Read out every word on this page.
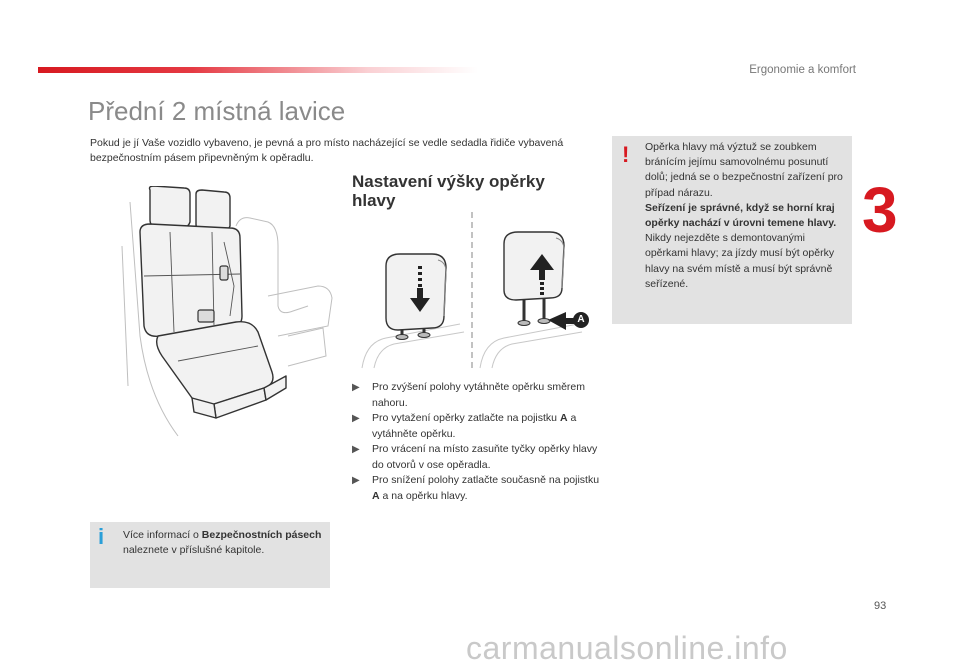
Ergonomie a komfort
Přední 2 místná lavice
Pokud je jí Vaše vozidlo vybaveno, je pevná a pro místo nacházející se vedle sedadla řidiče vybavená bezpečnostním pásem připevněným k opěradlu.
3
A
Nastavení výšky opěrky hlavy
▶ Pro zvýšení polohy vytáhněte opěrku směrem nahoru.
▶ Pro vytažení opěrky zatlačte na pojistku A a vytáhněte opěrku.
▶ Pro vrácení na místo zasuňte tyčky opěrky hlavy do otvorů v ose opěradla.
▶ Pro snížení polohy zatlačte současně na pojistku A a na opěrku hlavy.
! Opěrka hlavy má výztuž se zoubkem bránícím jejímu samovolnému posunutí dolů; jedná se o bezpečnostní zařízení pro případ nárazu.
Seřízení je správné, když se horní kraj opěrky nachází v úrovni temene hlavy.
Nikdy nejezděte s demontovanými opěrkami hlavy; za jízdy musí být opěrky hlavy na svém místě a musí být správně seřízené.
i Více informací o Bezpečnostních pásech naleznete v příslušné kapitole.
93
carmanualsonline.info
